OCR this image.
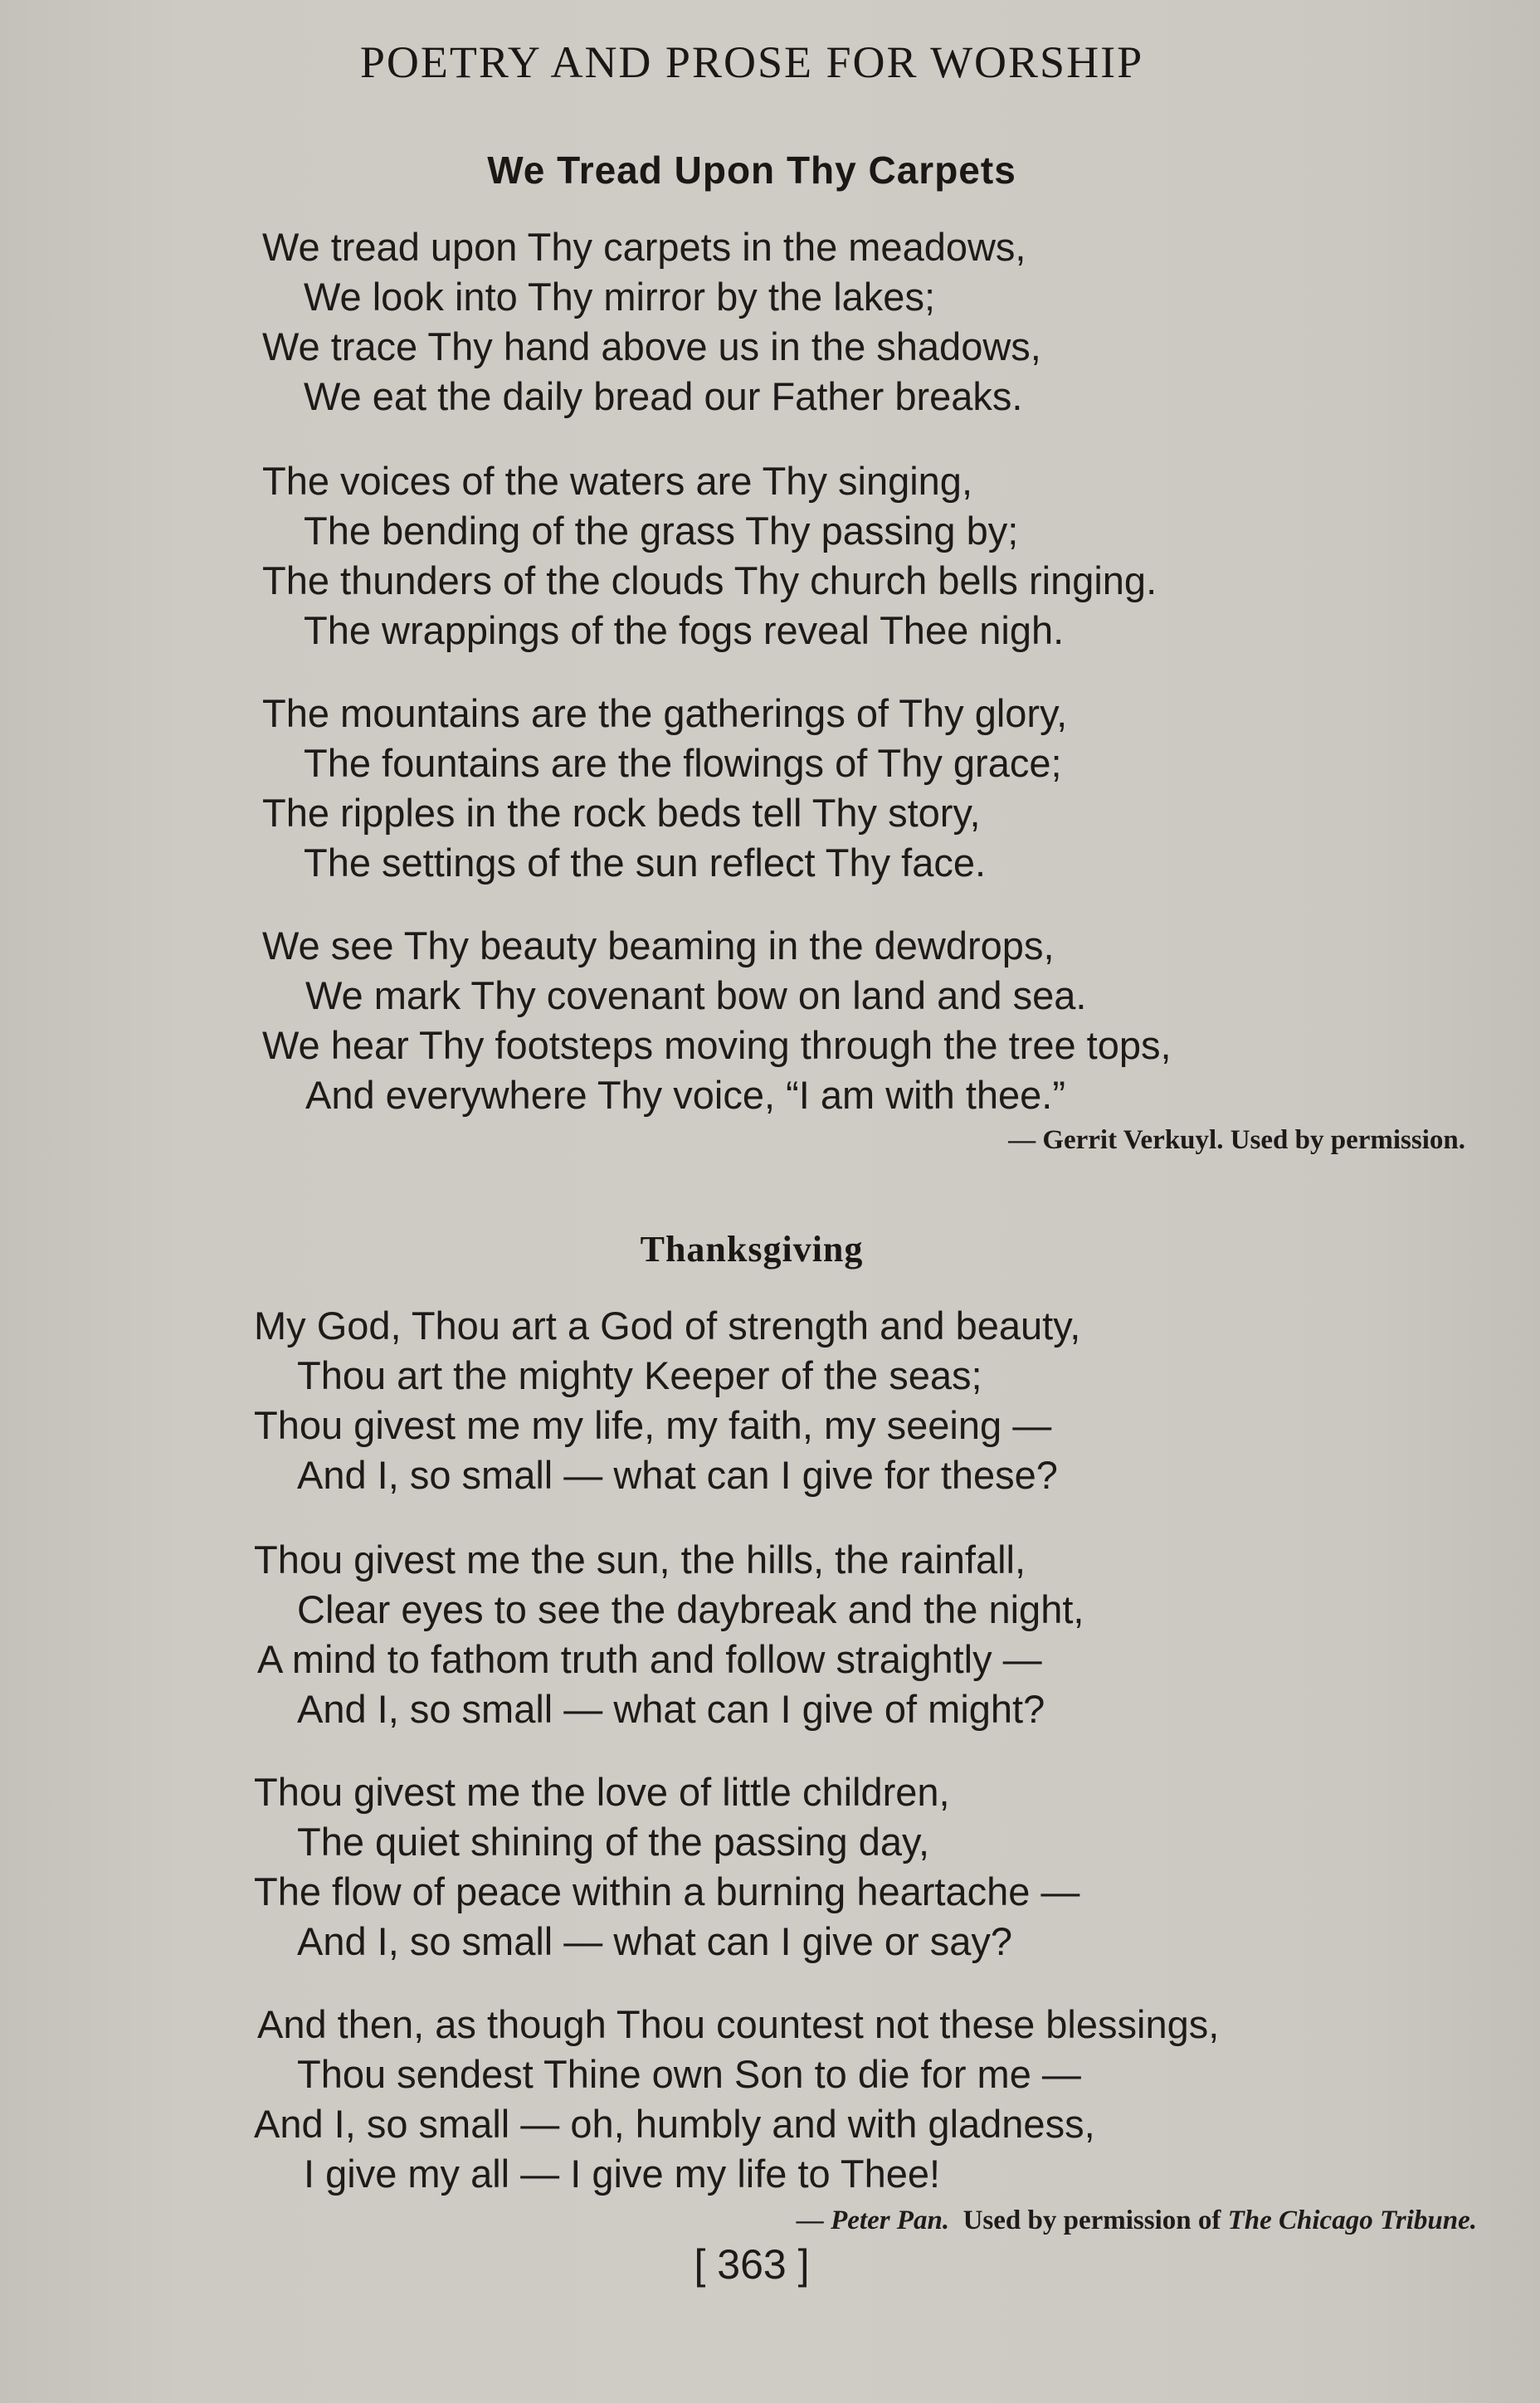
POETRY AND PROSE FOR WORSHIP
We Tread Upon Thy Carpets
We tread upon Thy carpets in the meadows,
We look into Thy mirror by the lakes;
We trace Thy hand above us in the shadows,
We eat the daily bread our Father breaks.
The voices of the waters are Thy singing,
The bending of the grass Thy passing by;
The thunders of the clouds Thy church bells ringing.
The wrappings of the fogs reveal Thee nigh.
The mountains are the gatherings of Thy glory,
The fountains are the flowings of Thy grace;
The ripples in the rock beds tell Thy story,
The settings of the sun reflect Thy face.
We see Thy beauty beaming in the dewdrops,
We mark Thy covenant bow on land and sea.
We hear Thy footsteps moving through the tree tops,
And everywhere Thy voice, “I am with thee.”
— Gerrit Verkuyl. Used by permission.
Thanksgiving
My God, Thou art a God of strength and beauty,
Thou art the mighty Keeper of the seas;
Thou givest me my life, my faith, my seeing —
And I, so small — what can I give for these?
Thou givest me the sun, the hills, the rainfall,
Clear eyes to see the daybreak and the night,
A mind to fathom truth and follow straightly —
And I, so small — what can I give of might?
Thou givest me the love of little children,
The quiet shining of the passing day,
The flow of peace within a burning heartache —
And I, so small — what can I give or say?
And then, as though Thou countest not these blessings,
Thou sendest Thine own Son to die for me —
And I, so small — oh, humbly and with gladness,
I give my all — I give my life to Thee!
— Peter Pan. Used by permission of The Chicago Tribune.
[ 363 ]
